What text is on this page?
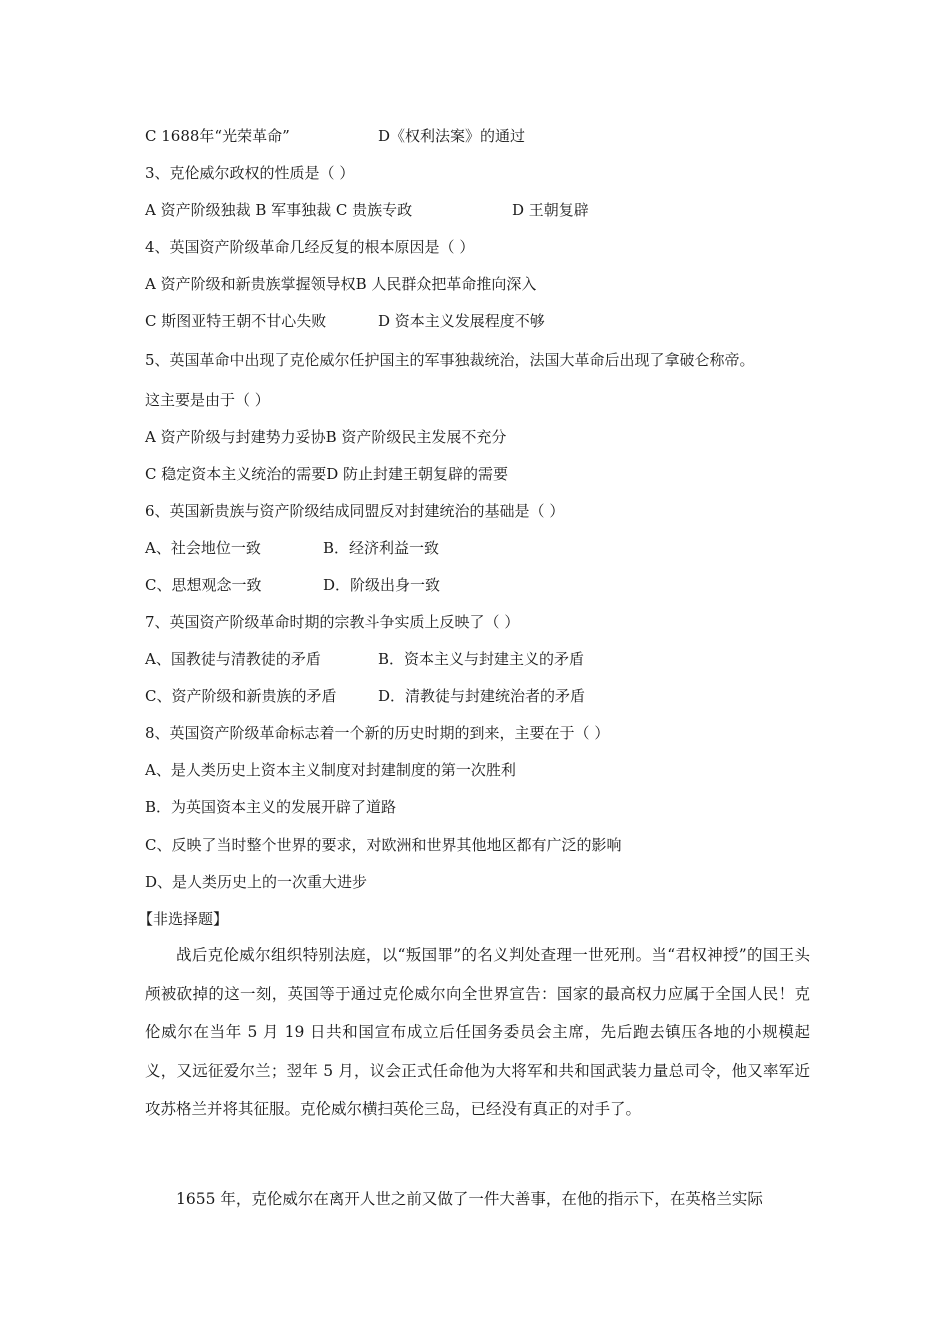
C 1688年“光荣革命”	D《权利法案》的通过
3、克伦威尔政权的性质是（ ）
A 资产阶级独裁 B 军事独裁 C 贵族专政	D 王朝复辟
4、英国资产阶级革命几经反复的根本原因是（ ）
A 资产阶级和新贵族掌握领导权B 人民群众把革命推向深入
C 斯图亚特王朝不甘心失败	D 资本主义发展程度不够
5、英国革命中出现了克伦威尔任护国主的军事独裁统治，法国大革命后出现了拿破仑称帝。
这主要是由于（ ）
A 资产阶级与封建势力妥协B 资产阶级民主发展不充分
C 稳定资本主义统治的需要D 防止封建王朝复辟的需要
6、英国新贵族与资产阶级结成同盟反对封建统治的基础是（ ）
A、社会地位一致	B．经济利益一致
C、思想观念一致	D．阶级出身一致
7、英国资产阶级革命时期的宗教斗争实质上反映了（ ）
A、国教徒与清教徒的矛盾	B．资本主义与封建主义的矛盾
C、资产阶级和新贵族的矛盾	D．清教徒与封建统治者的矛盾
8、英国资产阶级革命标志着一个新的历史时期的到来，主要在于（ ）
A、是人类历史上资本主义制度对封建制度的第一次胜利
B．为英国资本主义的发展开辟了道路
C、反映了当时整个世界的要求，对欧洲和世界其他地区都有广泛的影响
D、是人类历史上的一次重大进步
【非选择题】
战后克伦威尔组织特别法庭，以“叛国罪”的名义判处查理一世死刑。当“君权神授”的国王头颅被砍掉的这一刻，英国等于通过克伦威尔向全世界宣告：国家的最高权力应属于全国人民！克伦威尔在当年 5 月 19 日共和国宣布成立后任国务委员会主席，先后跑去镇压各地的小规模起义，又远征爱尔兰；翌年 5 月，议会正式任命他为大将军和共和国武装力量总司令，他又率军近攻苏格兰并将其征服。克伦威尔横扫英伦三岛，已经没有真正的对手了。
1655 年，克伦威尔在离开人世之前又做了一件大善事，在他的指示下，在英格兰实际
